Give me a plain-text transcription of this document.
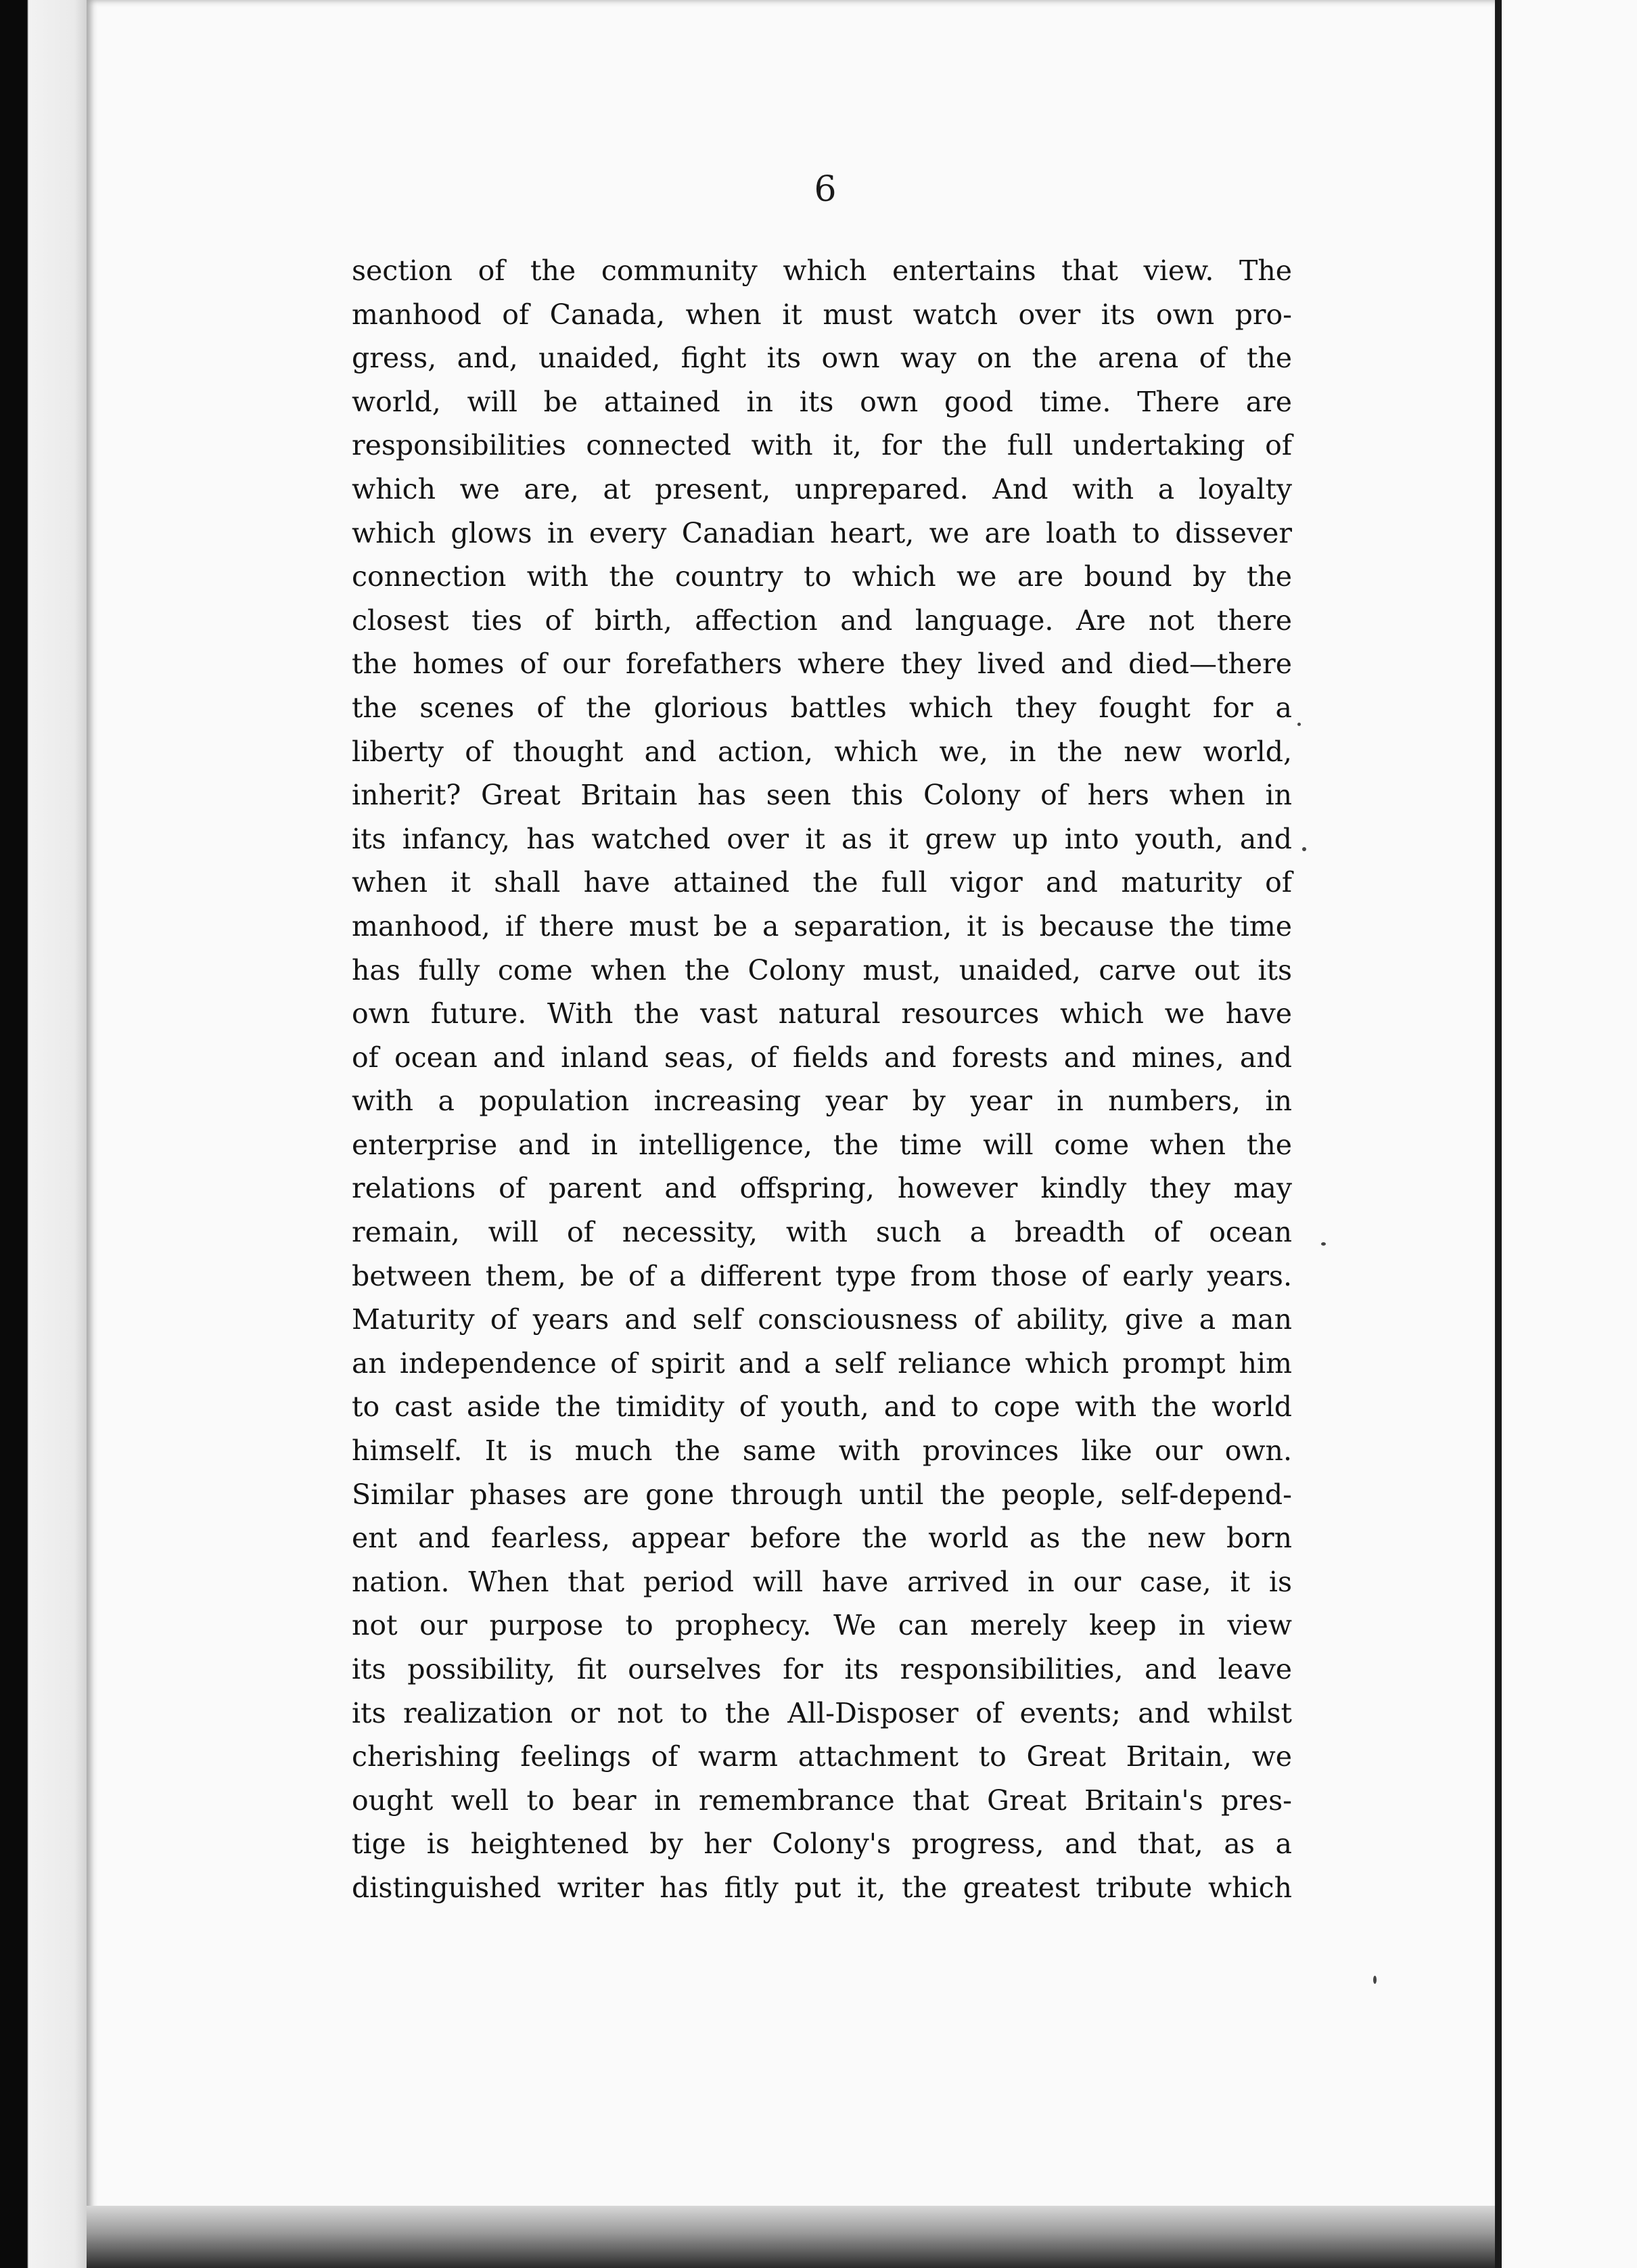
6
section of the community which entertains that view. The
manhood of Canada, when it must watch over its own pro-
gress, and, unaided, fight its own way on the arena of the
world, will be attained in its own good time. There are
responsibilities connected with it, for the full undertaking of
which we are, at present, unprepared. And with a loyalty
which glows in every Canadian heart, we are loath to dissever
connection with the country to which we are bound by the
closest ties of birth, affection and language. Are not there
the homes of our forefathers where they lived and died—there
the scenes of the glorious battles which they fought for a
liberty of thought and action, which we, in the new world,
inherit? Great Britain has seen this Colony of hers when in
its infancy, has watched over it as it grew up into youth, and
when it shall have attained the full vigor and maturity of
manhood, if there must be a separation, it is because the time
has fully come when the Colony must, unaided, carve out its
own future. With the vast natural resources which we have
of ocean and inland seas, of fields and forests and mines, and
with a population increasing year by year in numbers, in
enterprise and in intelligence, the time will come when the
relations of parent and offspring, however kindly they may
remain, will of necessity, with such a breadth of ocean
between them, be of a different type from those of early years.
Maturity of years and self consciousness of ability, give a man
an independence of spirit and a self reliance which prompt him
to cast aside the timidity of youth, and to cope with the world
himself. It is much the same with provinces like our own.
Similar phases are gone through until the people, self-depend-
ent and fearless, appear before the world as the new born
nation. When that period will have arrived in our case, it is
not our purpose to prophecy. We can merely keep in view
its possibility, fit ourselves for its responsibilities, and leave
its realization or not to the All-Disposer of events; and whilst
cherishing feelings of warm attachment to Great Britain, we
ought well to bear in remembrance that Great Britain's pres-
tige is heightened by her Colony's progress, and that, as a
distinguished writer has fitly put it, the greatest tribute which
